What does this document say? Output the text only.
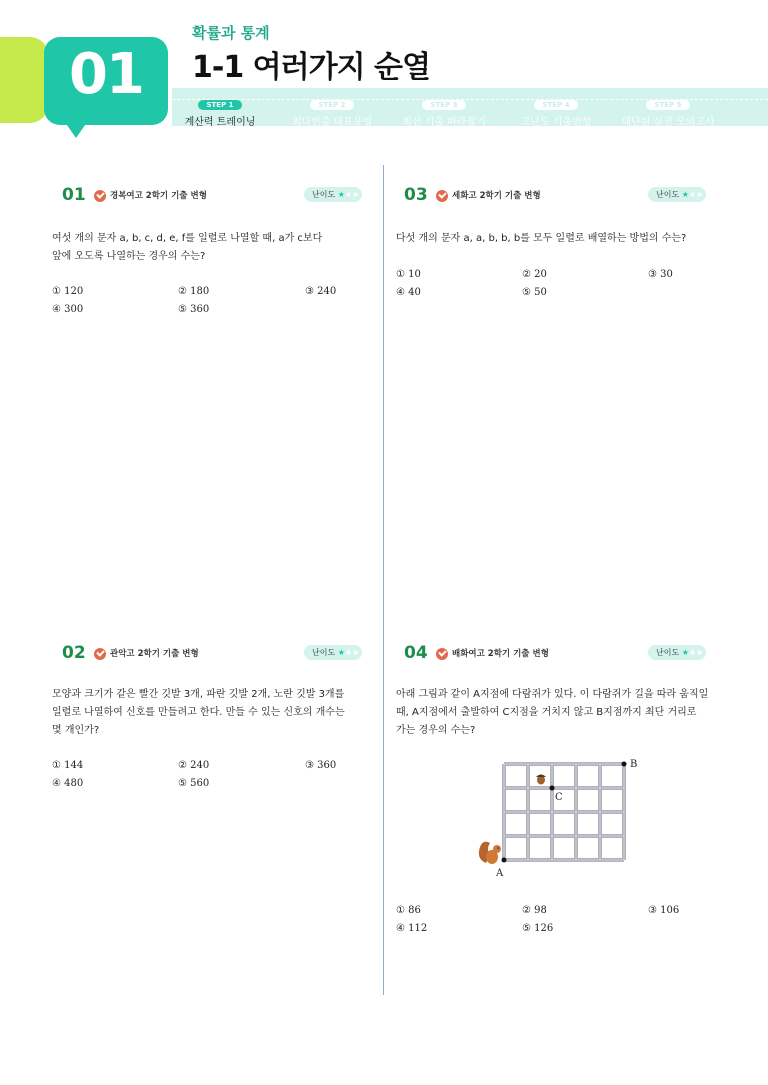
01
확률과 통계
1-1 여러가지 순열
STEP 1
계산력 트레이닝
STEP 2
최다빈출 대표유형
STEP 3
최신 기출 따라잡기
STEP 4
고난도 기출변형
STEP 5
대단원 실전 모의고사
01	경복여고 2학기 기출 변형	난이도 ★★★
여섯 개의 문자 a, b, c, d, e, f를 일렬로 나열할 때, a가 c보다
앞에 오도록 나열하는 경우의 수는?
① 120	② 180	③ 240
④ 300	⑤ 360
03	세화고 2학기 기출 변형	난이도 ★★★
다섯 개의 문자 a, a, b, b, b를 모두 일렬로 배열하는 방법의 수는?
① 10	② 20	③ 30
④ 40	⑤ 50
02	관악고 2학기 기출 변형	난이도 ★★★
모양과 크기가 같은 빨간 깃발 3개, 파란 깃발 2개, 노란 깃발 3개를
일렬로 나열하여 신호를 만들려고 한다. 만들 수 있는 신호의 개수는
몇 개인가?
① 144	② 240	③ 360
④ 480	⑤ 560
04	배화여고 2학기 기출 변형	난이도 ★★★
아래 그림과 같이 A지점에 다람쥐가 있다. 이 다람쥐가 길을 따라 움직일
때, A지점에서 출발하여 C지점을 거치지 않고 B지점까지 최단 거리로
가는 경우의 수는?
B
C
A
① 86	② 98	③ 106
④ 112	⑤ 126
